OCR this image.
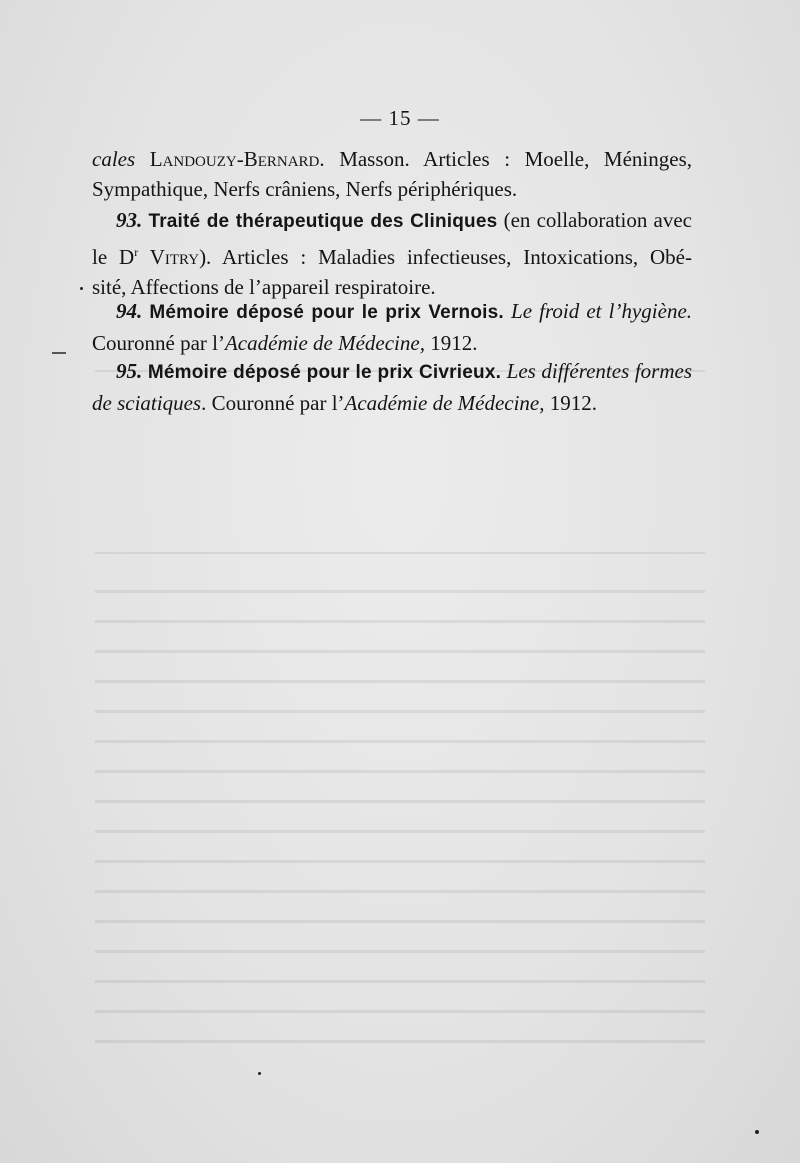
— 15 —
cales Landouzy-Bernard. Masson. Articles : Moelle, Méninges,
Sympathique, Nerfs crâniens, Nerfs périphériques.
93. Traité de thérapeutique des Cliniques (en collaboration avec
le $D^r$ Vitry). Articles : Maladies infectieuses, Intoxications, Obé-
sité, Affections de l’appareil respiratoire.
94. Mémoire déposé pour le prix Vernois. Le froid et l’hygiène.
Couronné par l’Académie de Médecine, 1912.
95. Mémoire déposé pour le prix Civrieux. Les différentes formes
de sciatiques. Couronné par l’Académie de Médecine, 1912.
